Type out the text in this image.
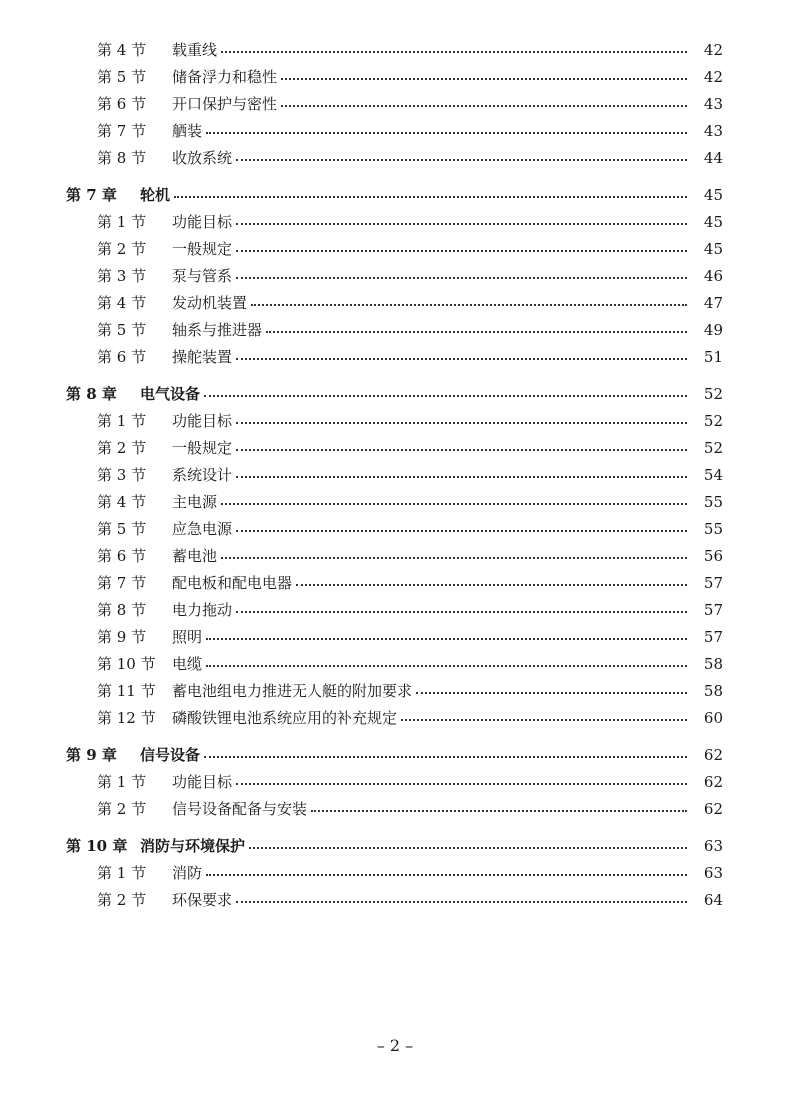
第 4 节 载重线	42
第 5 节 储备浮力和稳性	42
第 6 节 开口保护与密性	43
第 7 节 舾装	43
第 8 节 收放系统	44
第 7 章 轮机	45
第 1 节 功能目标	45
第 2 节 一般规定	45
第 3 节 泵与管系	46
第 4 节 发动机装置	47
第 5 节 轴系与推进器	49
第 6 节 操舵装置	51
第 8 章 电气设备	52
第 1 节 功能目标	52
第 2 节 一般规定	52
第 3 节 系统设计	54
第 4 节 主电源	55
第 5 节 应急电源	55
第 6 节 蓄电池	56
第 7 节 配电板和配电电器	57
第 8 节 电力拖动	57
第 9 节 照明	57
第 10 节 电缆	58
第 11 节 蓄电池组电力推进无人艇的附加要求	58
第 12 节 磷酸铁锂电池系统应用的补充规定	60
第 9 章 信号设备	62
第 1 节 功能目标	62
第 2 节 信号设备配备与安装	62
第 10 章 消防与环境保护	63
第 1 节 消防	63
第 2 节 环保要求	64
– 2 –
